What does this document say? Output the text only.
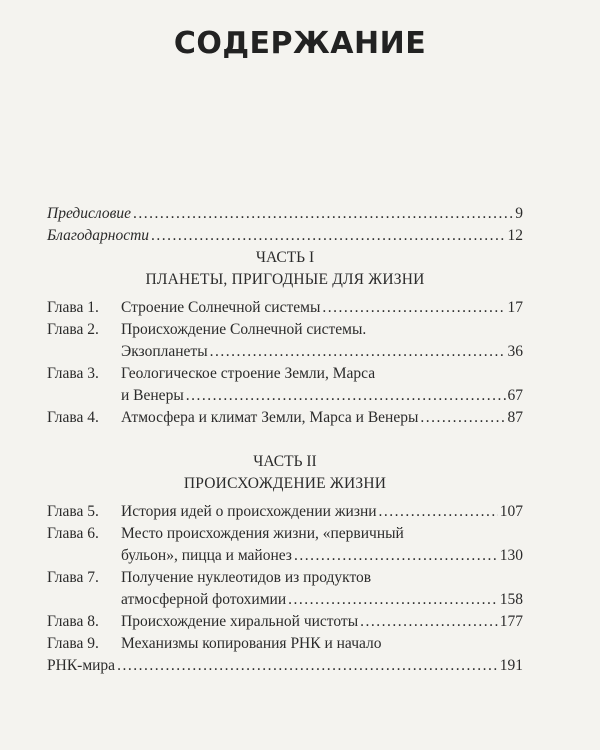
СОДЕРЖАНИЕ
Предисловие .....	9
Благодарности .....	12
ЧАСТЬ I
ПЛАНЕТЫ, ПРИГОДНЫЕ ДЛЯ ЖИЗНИ
Глава 1.	Строение Солнечной системы .....	17
Глава 2.	Происхождение Солнечной системы.
Экзопланеты .....	36
Глава 3.	Геологическое строение Земли, Марса
и Венеры .....	67
Глава 4.	Атмосфера и климат Земли, Марса и Венеры .....	87
ЧАСТЬ II
ПРОИСХОЖДЕНИЕ ЖИЗНИ
Глава 5.	История идей о происхождении жизни .....	107
Глава 6.	Место происхождения жизни, «первичный
бульон», пицца и майонез .....	130
Глава 7.	Получение нуклеотидов из продуктов
атмосферной фотохимии .....	158
Глава 8.	Происхождение хиральной чистоты .....	177
Глава 9.	Механизмы копирования РНК и начало
РНК-мира .....	191
